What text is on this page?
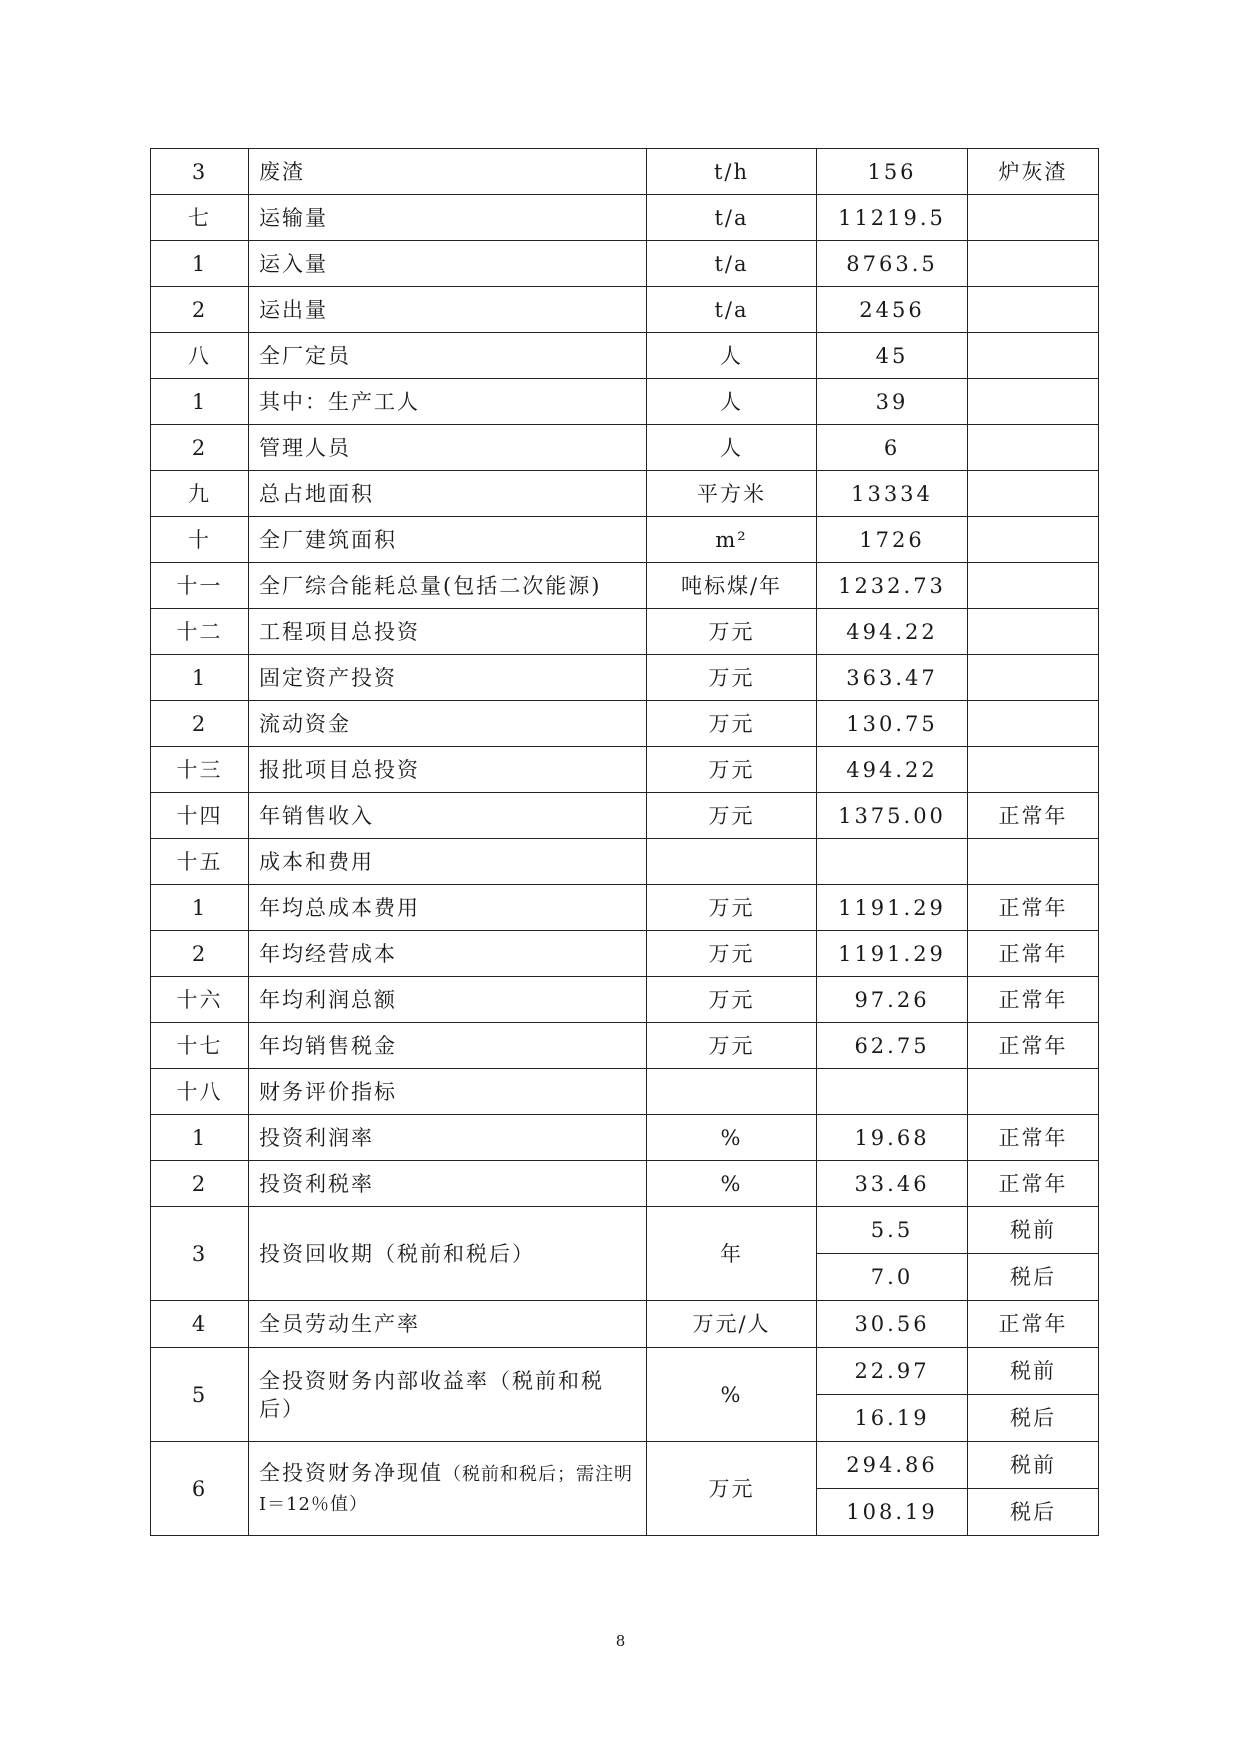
3	废渣	t/h	156	炉灰渣
七	运输量	t/a	11219.5	
1	运入量	t/a	8763.5	
2	运出量	t/a	2456	
八	全厂定员	人	45	
1	其中：生产工人	人	39	
2	管理人员	人	6	
九	总占地面积	平方米	13334	
十	全厂建筑面积	m²	1726	
十一	全厂综合能耗总量(包括二次能源)	吨标煤/年	1232.73	
十二	工程项目总投资	万元	494.22	
1	固定资产投资	万元	363.47	
2	流动资金	万元	130.75	
十三	报批项目总投资	万元	494.22	
十四	年销售收入	万元	1375.00	正常年
十五	成本和费用			
1	年均总成本费用	万元	1191.29	正常年
2	年均经营成本	万元	1191.29	正常年
十六	年均利润总额	万元	97.26	正常年
十七	年均销售税金	万元	62.75	正常年
十八	财务评价指标			
1	投资利润率	%	19.68	正常年
2	投资利税率	%	33.46	正常年
3	投资回收期（税前和税后）	年	5.5	税前
			7.0	税后
4	全员劳动生产率	万元/人	30.56	正常年
5	全投资财务内部收益率（税前和税后）	%	22.97	税前
			16.19	税后
6	全投资财务净现值（税前和税后；需注明 I＝12％值）	万元	294.86	税前
			108.19	税后
8
